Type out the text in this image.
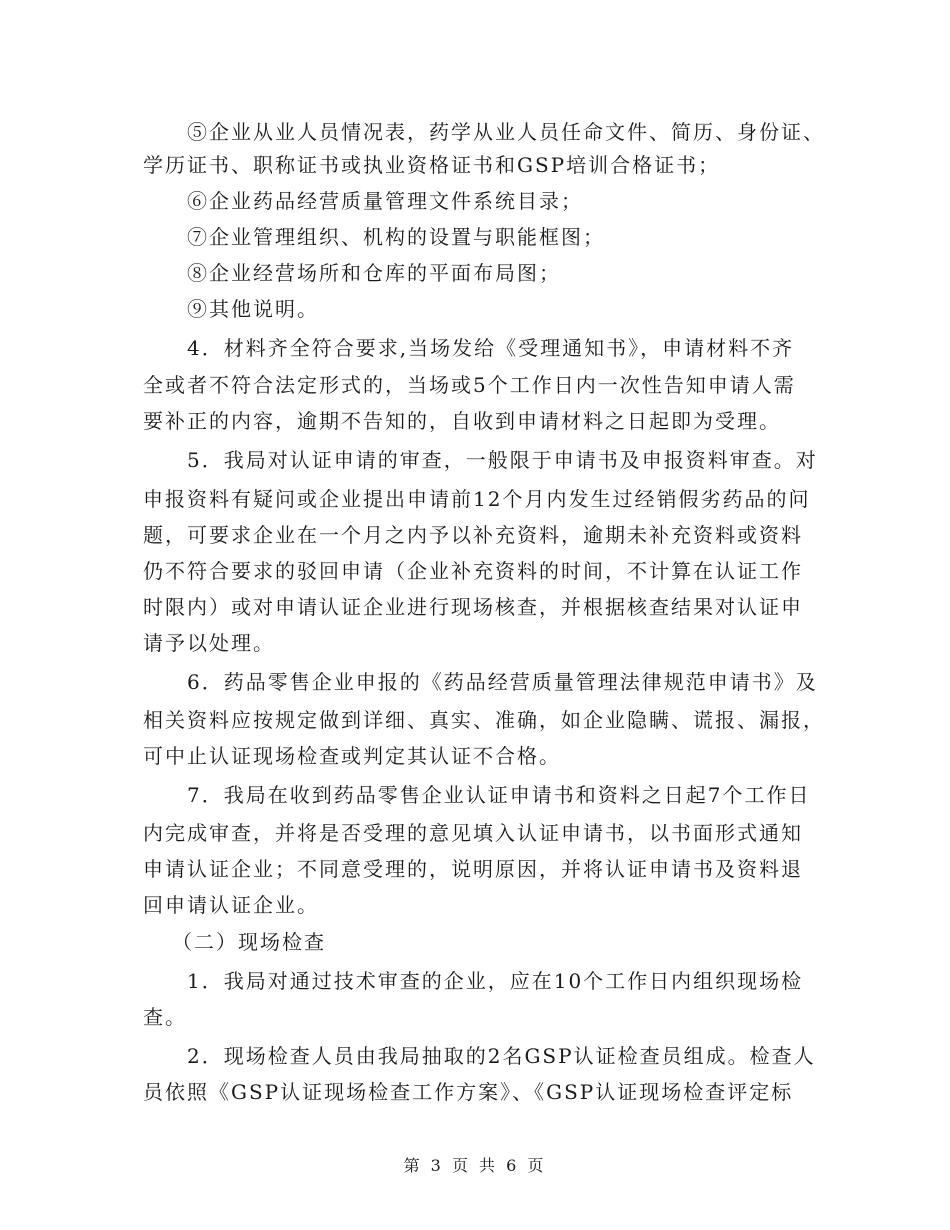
⑤企业从业人员情况表，药学从业人员任命文件、简历、身份证、
学历证书、职称证书或执业资格证书和GSP培训合格证书；
⑥企业药品经营质量管理文件系统目录；
⑦企业管理组织、机构的设置与职能框图；
⑧企业经营场所和仓库的平面布局图；
⑨其他说明。
4．材料齐全符合要求,当场发给《受理通知书》，申请材料不齐
全或者不符合法定形式的，当场或5个工作日内一次性告知申请人需
要补正的内容，逾期不告知的，自收到申请材料之日起即为受理。
5．我局对认证申请的审查，一般限于申请书及申报资料审查。对
申报资料有疑问或企业提出申请前12个月内发生过经销假劣药品的问
题，可要求企业在一个月之内予以补充资料，逾期未补充资料或资料
仍不符合要求的驳回申请（企业补充资料的时间，不计算在认证工作
时限内）或对申请认证企业进行现场核查，并根据核查结果对认证申
请予以处理。
6．药品零售企业申报的《药品经营质量管理法律规范申请书》及
相关资料应按规定做到详细、真实、准确，如企业隐瞒、谎报、漏报，
可中止认证现场检查或判定其认证不合格。
7．我局在收到药品零售企业认证申请书和资料之日起7个工作日
内完成审查，并将是否受理的意见填入认证申请书，以书面形式通知
申请认证企业；不同意受理的，说明原因，并将认证申请书及资料退
回申请认证企业。
（二）现场检查
1．我局对通过技术审查的企业，应在10个工作日内组织现场检
查。
2．现场检查人员由我局抽取的2名GSP认证检查员组成。检查人
员依照《GSP认证现场检查工作方案》、《GSP认证现场检查评定标
第 3 页 共 6 页
